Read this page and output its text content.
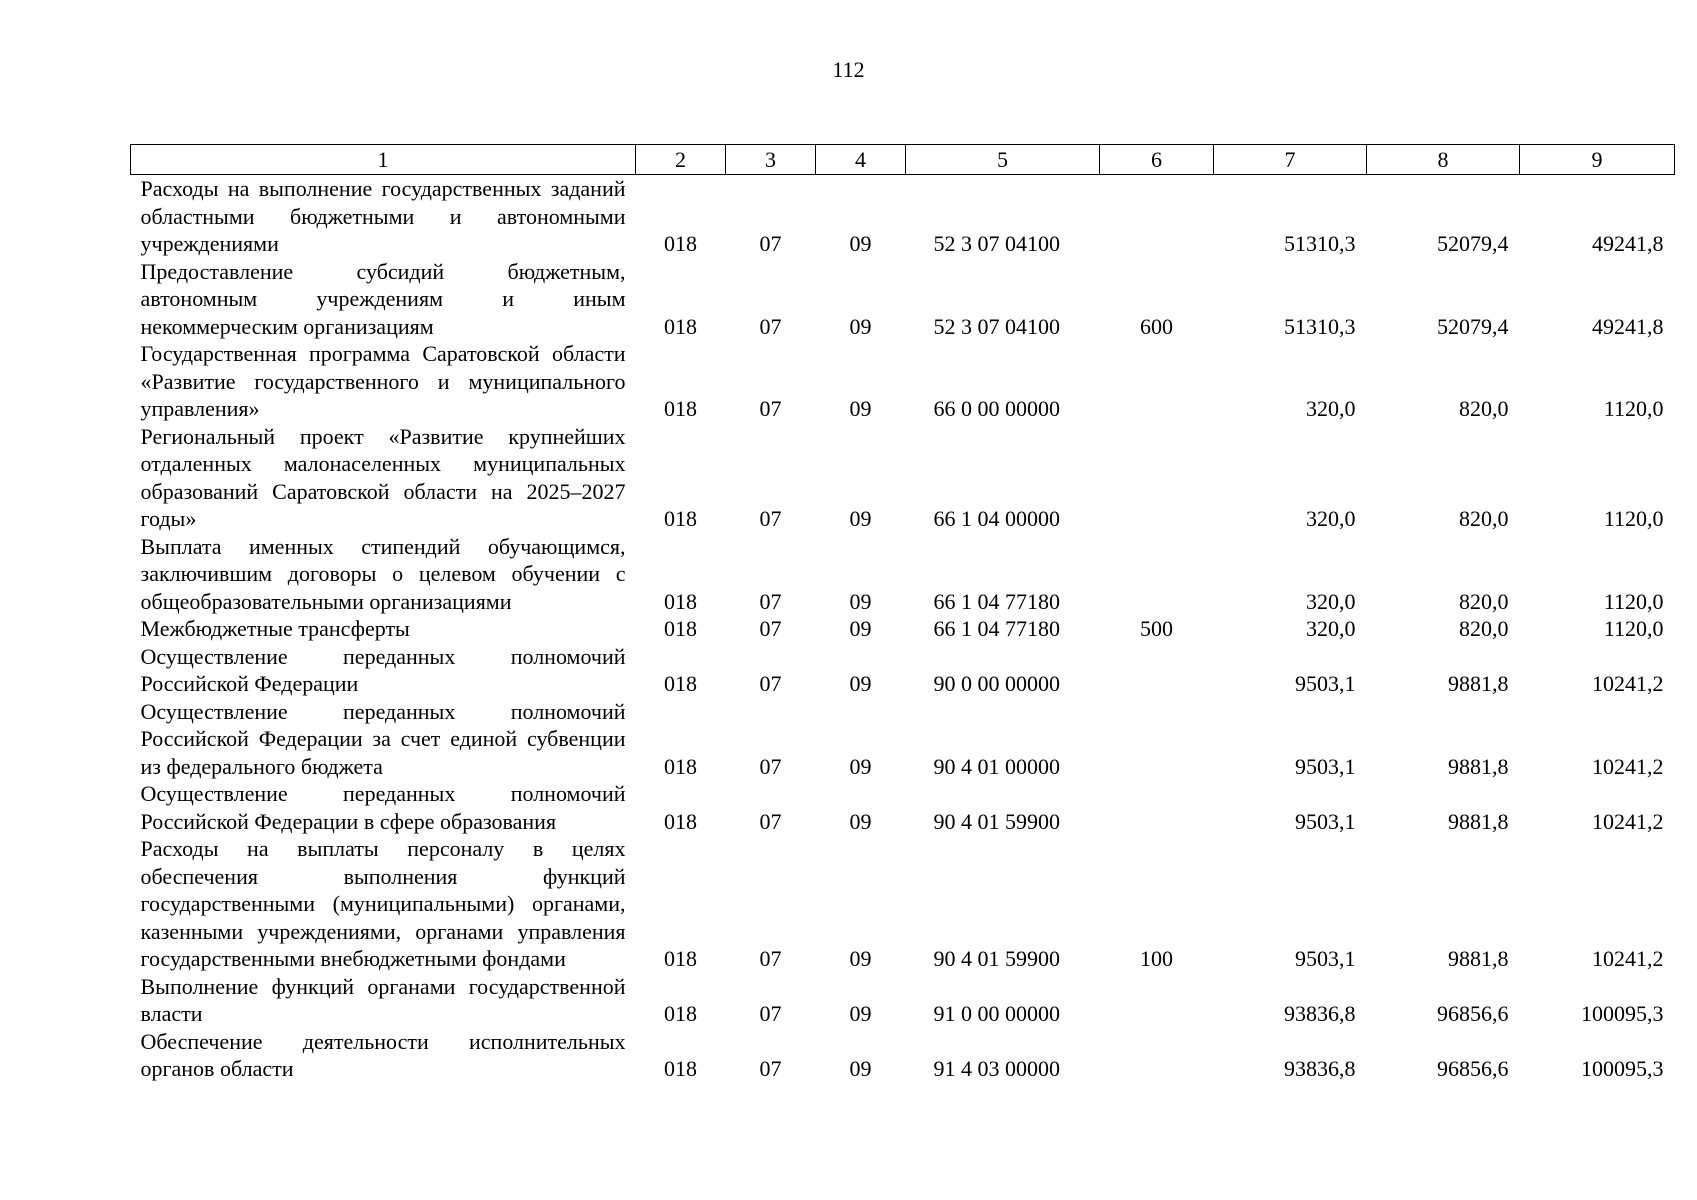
112
1	2	3	4	5	6	7	8	9
Расходы на выполнение государственных заданий областными бюджетными и автономными учреждениями	018	07	09	52 3 07 04100		51310,3	52079,4	49241,8
Предоставление субсидий бюджетным, автономным учреждениям и иным некоммерческим организациям	018	07	09	52 3 07 04100	600	51310,3	52079,4	49241,8
Государственная программа Саратовской области «Развитие государственного и муниципального управления»	018	07	09	66 0 00 00000		320,0	820,0	1120,0
Региональный проект «Развитие крупнейших отдаленных малонаселенных муниципальных образований Саратовской области на 2025–2027 годы»	018	07	09	66 1 04 00000		320,0	820,0	1120,0
Выплата именных стипендий обучающимся, заключившим договоры о целевом обучении с общеобразовательными организациями	018	07	09	66 1 04 77180		320,0	820,0	1120,0
Межбюджетные трансферты	018	07	09	66 1 04 77180	500	320,0	820,0	1120,0
Осуществление переданных полномочий Российской Федерации	018	07	09	90 0 00 00000		9503,1	9881,8	10241,2
Осуществление переданных полномочий Российской Федерации за счет единой субвенции из федерального бюджета	018	07	09	90 4 01 00000		9503,1	9881,8	10241,2
Осуществление переданных полномочий Российской Федерации в сфере образования	018	07	09	90 4 01 59900		9503,1	9881,8	10241,2
Расходы на выплаты персоналу в целях обеспечения выполнения функций государственными (муниципальными) органами, казенными учреждениями, органами управления государственными внебюджетными фондами	018	07	09	90 4 01 59900	100	9503,1	9881,8	10241,2
Выполнение функций органами государственной власти	018	07	09	91 0 00 00000		93836,8	96856,6	100095,3
Обеспечение деятельности исполнительных органов области	018	07	09	91 4 03 00000		93836,8	96856,6	100095,3
